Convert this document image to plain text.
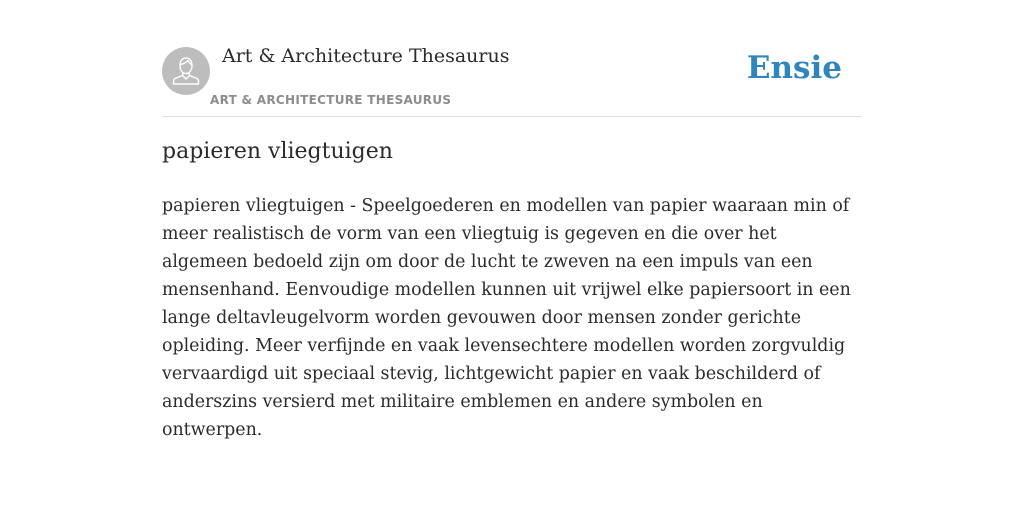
Art & Architecture Thesaurus
ART & ARCHITECTURE THESAURUS
Ensie
papieren vliegtuigen

papieren vliegtuigen - Speelgoederen en modellen van papier waaraan min of meer realistisch de vorm van een vliegtuig is gegeven en die over het algemeen bedoeld zijn om door de lucht te zweven na een impuls van een mensenhand. Eenvoudige modellen kunnen uit vrijwel elke papiersoort in een lange deltavleugelvorm worden gevouwen door mensen zonder gerichte opleiding. Meer verfijnde en vaak levensechtere modellen worden zorgvuldig vervaardigd uit speciaal stevig, lichtgewicht papier en vaak beschilderd of anderszins versierd met militaire emblemen en andere symbolen en ontwerpen.
